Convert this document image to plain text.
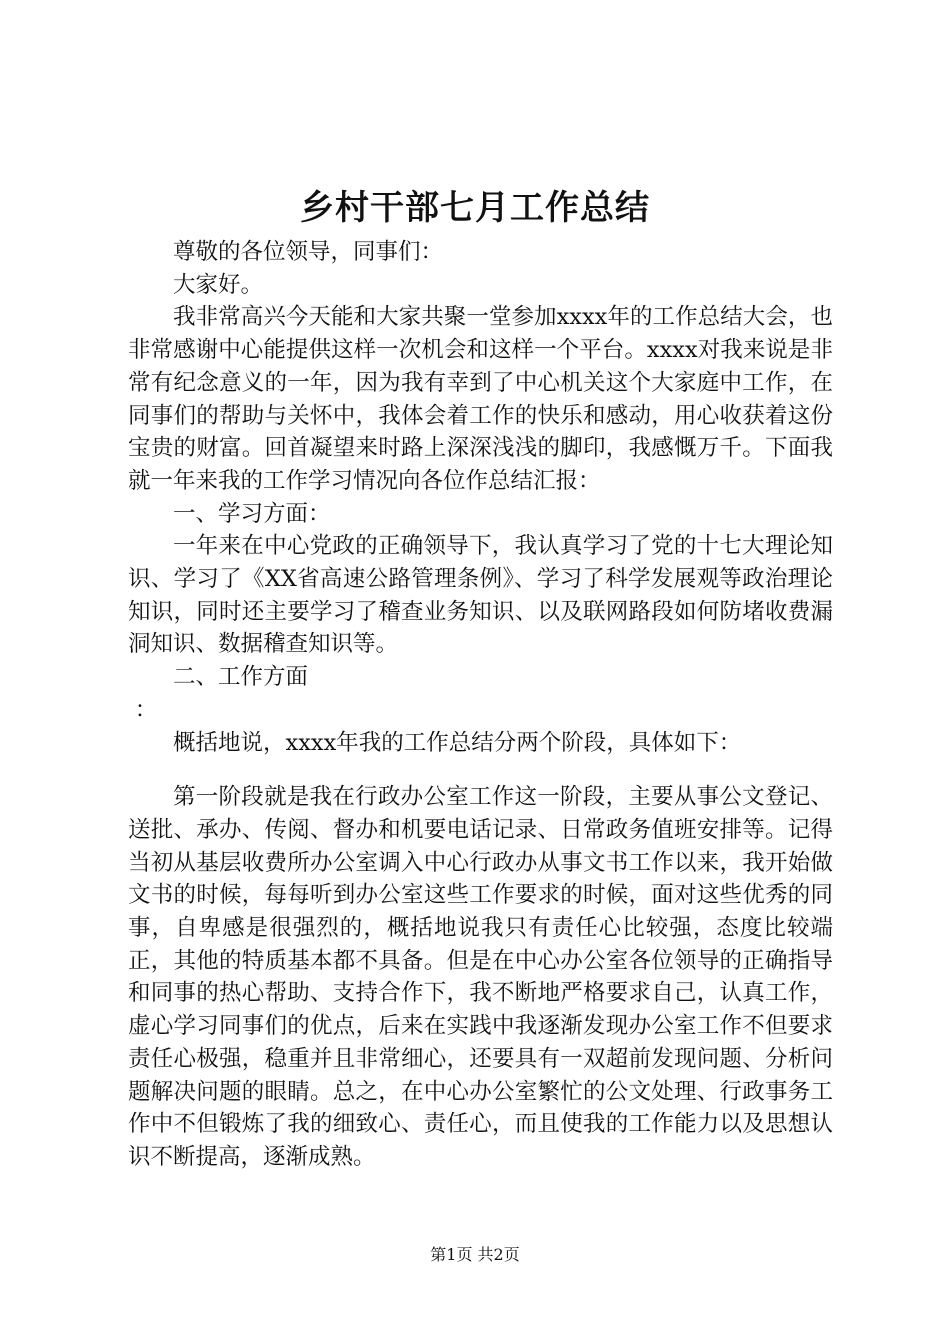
乡村干部七月工作总结

尊敬的各位领导，同事们：

大家好。

我非常高兴今天能和大家共聚一堂参加xxxx年的工作总结大会，也非常感谢中心能提供这样一次机会和这样一个平台。xxxx对我来说是非常有纪念意义的一年，因为我有幸到了中心机关这个大家庭中工作，在同事们的帮助与关怀中，我体会着工作的快乐和感动，用心收获着这份宝贵的财富。回首凝望来时路上深深浅浅的脚印，我感慨万千。下面我就一年来我的工作学习情况向各位作总结汇报：

一、学习方面：

一年来在中心党政的正确领导下，我认真学习了党的十七大理论知识、学习了《XX省高速公路管理条例》、学习了科学发展观等政治理论知识，同时还主要学习了稽查业务知识、以及联网路段如何防堵收费漏洞知识、数据稽查知识等。

二、工作方面

：

概括地说，xxxx年我的工作总结分两个阶段，具体如下：

第一阶段就是我在行政办公室工作这一阶段，主要从事公文登记、送批、承办、传阅、督办和机要电话记录、日常政务值班安排等。记得当初从基层收费所办公室调入中心行政办从事文书工作以来，我开始做文书的时候，每每听到办公室这些工作要求的时候，面对这些优秀的同事，自卑感是很强烈的，概括地说我只有责任心比较强，态度比较端正，其他的特质基本都不具备。但是在中心办公室各位领导的正确指导和同事的热心帮助、支持合作下，我不断地严格要求自己，认真工作，虚心学习同事们的优点，后来在实践中我逐渐发现办公室工作不但要求责任心极强，稳重并且非常细心，还要具有一双超前发现问题、分析问题解决问题的眼睛。总之，在中心办公室繁忙的公文处理、行政事务工作中不但锻炼了我的细致心、责任心，而且使我的工作能力以及思想认识不断提高，逐渐成熟。

第1页 共2页
